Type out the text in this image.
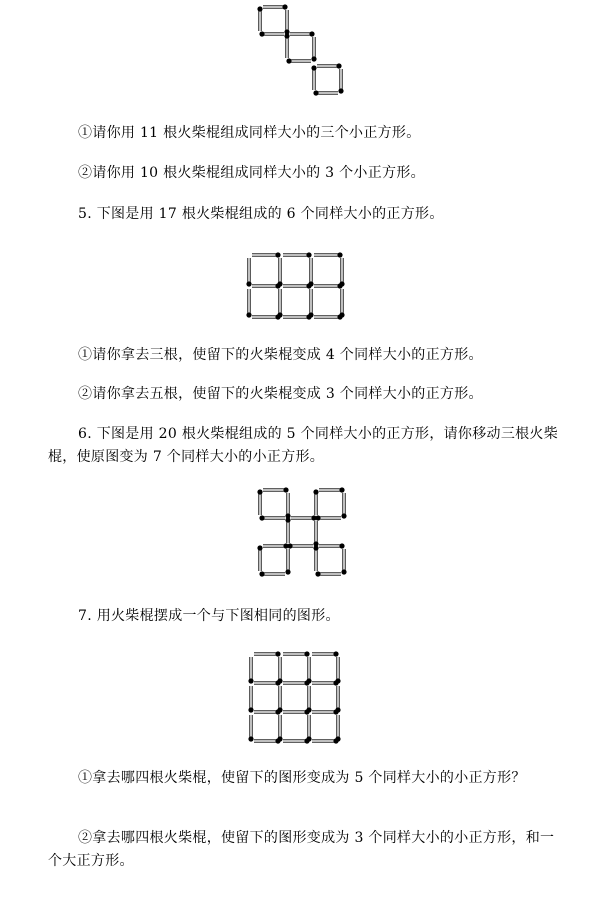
①请你用 11 根火柴棍组成同样大小的三个小正方形。

②请你用 10 根火柴棍组成同样大小的 3 个小正方形。

5. 下图是用 17 根火柴棍组成的 6 个同样大小的正方形。

①请你拿去三根，使留下的火柴棍变成 4 个同样大小的正方形。

②请你拿去五根，使留下的火柴棍变成 3 个同样大小的正方形。

6. 下图是用 20 根火柴棍组成的 5 个同样大小的正方形，请你移动三根火柴棍，使原图变为 7 个同样大小的小正方形。

7. 用火柴棍摆成一个与下图相同的图形。

①拿去哪四根火柴棍，使留下的图形变成为 5 个同样大小的小正方形？

②拿去哪四根火柴棍，使留下的图形变成为 3 个同样大小的小正方形，和一个大正方形。
